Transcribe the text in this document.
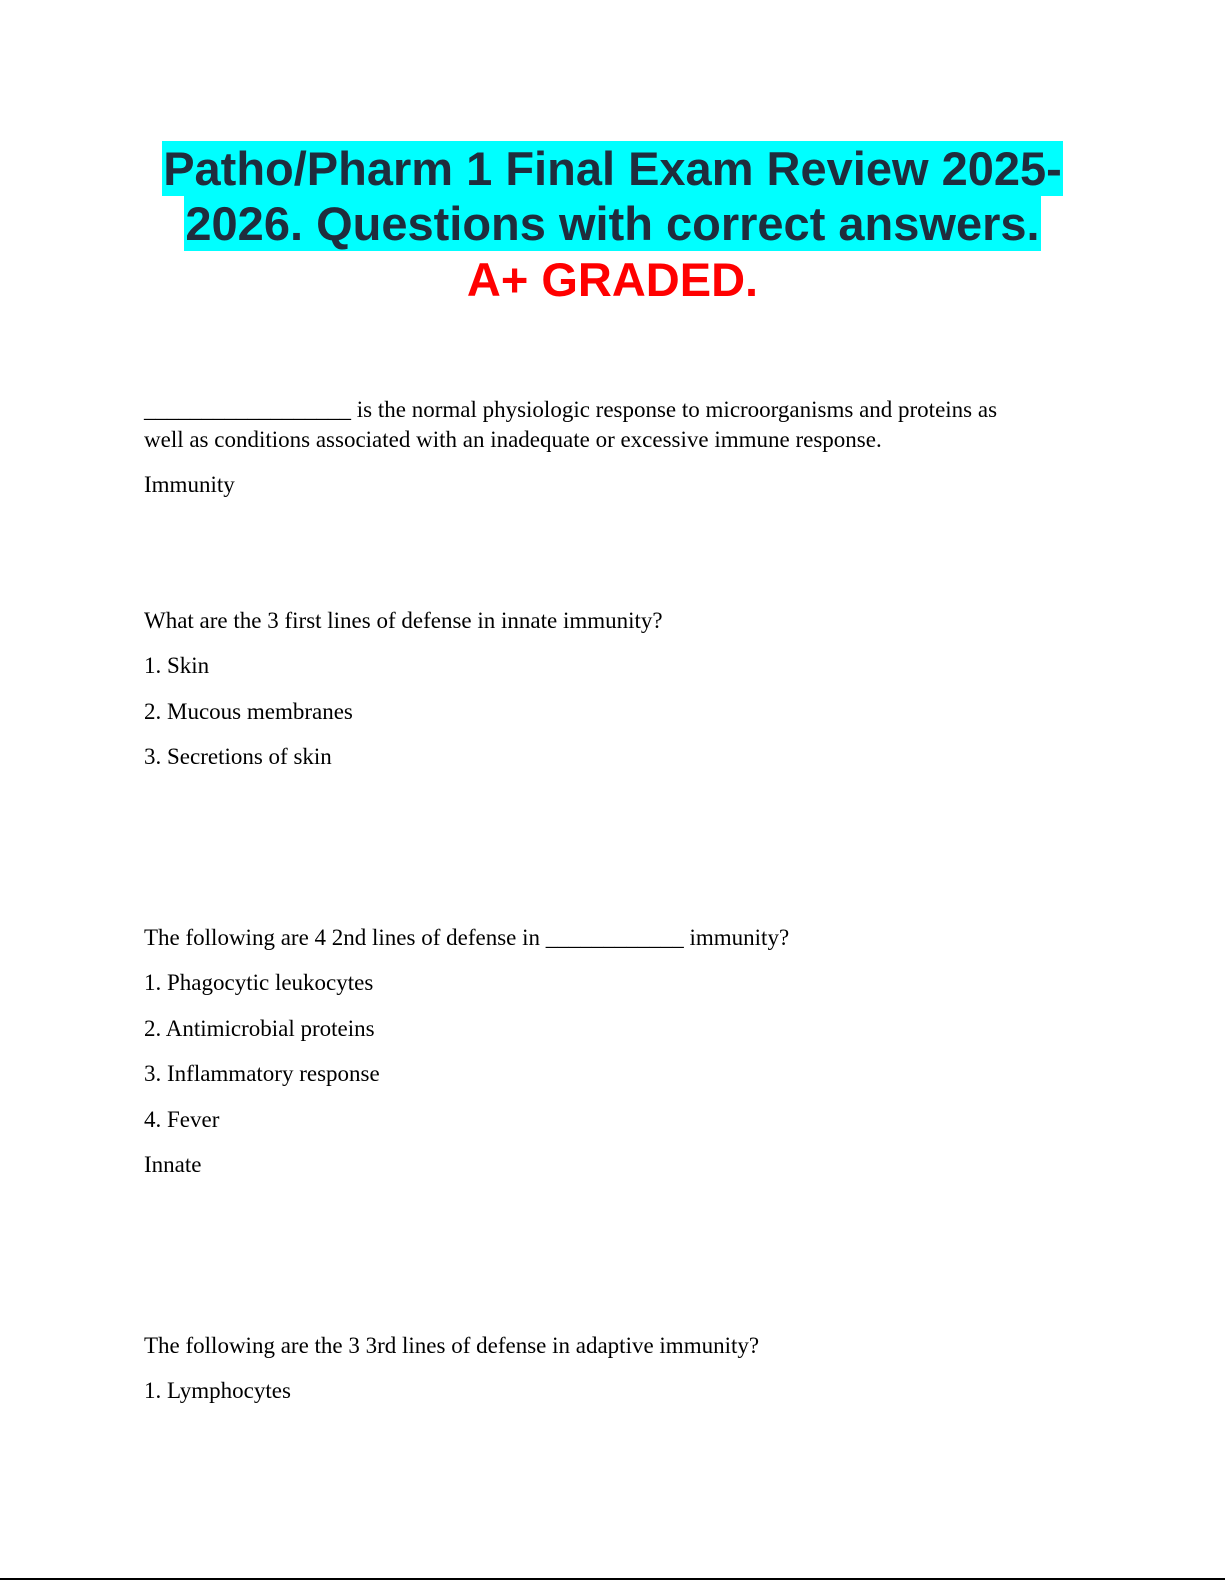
Patho/Pharm 1 Final Exam Review 2025-
2026. Questions with correct answers.
A+ GRADED.
__________________ is the normal physiologic response to microorganisms and proteins as
well as conditions associated with an inadequate or excessive immune response.
Immunity
What are the 3 first lines of defense in innate immunity?
1. Skin
2. Mucous membranes
3. Secretions of skin
The following are 4 2nd lines of defense in ____________ immunity?
1. Phagocytic leukocytes
2. Antimicrobial proteins
3. Inflammatory response
4. Fever
Innate
The following are the 3 3rd lines of defense in adaptive immunity?
1. Lymphocytes
